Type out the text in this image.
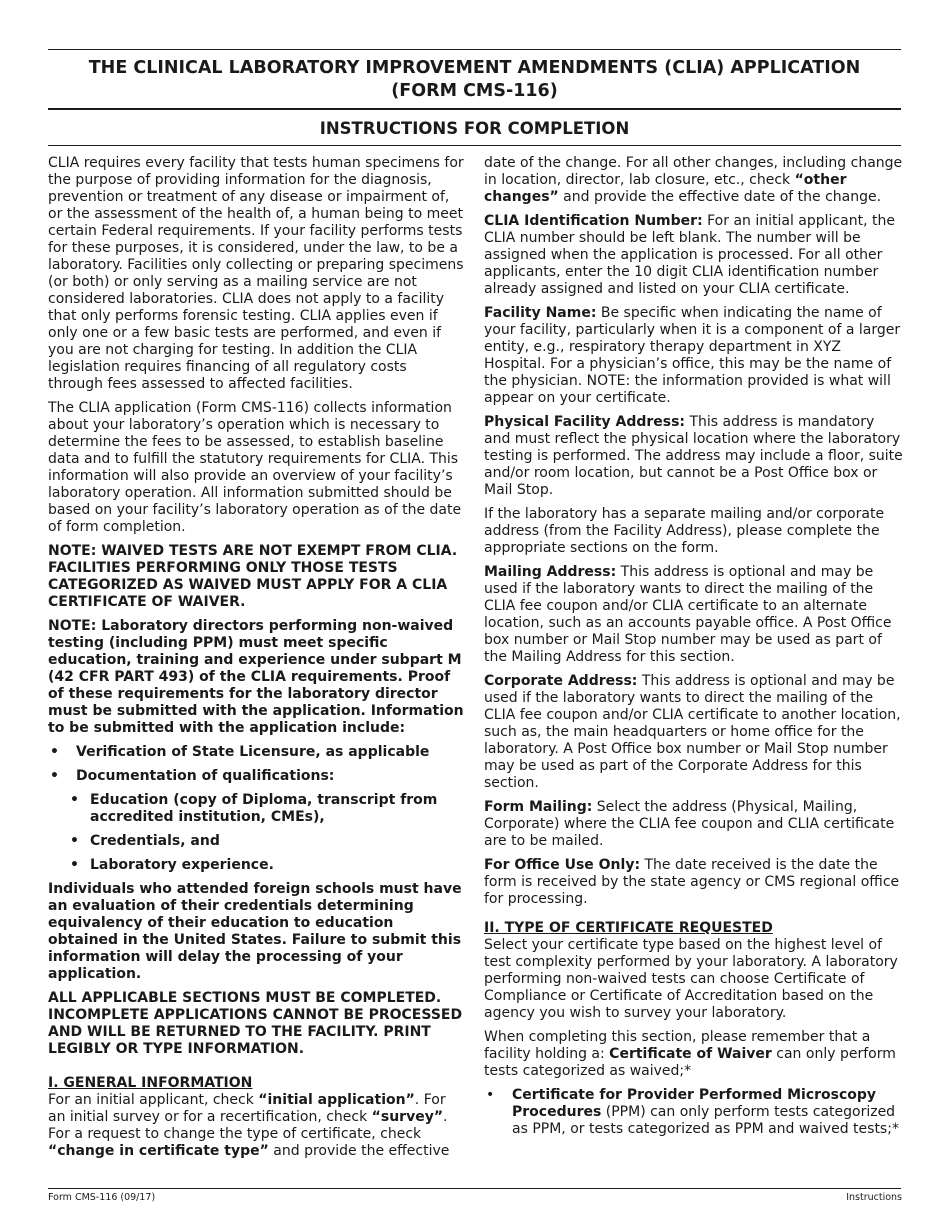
THE CLINICAL LABORATORY IMPROVEMENT AMENDMENTS (CLIA) APPLICATION
(FORM CMS-116)
INSTRUCTIONS FOR COMPLETION

CLIA requires every facility that tests human specimens for the purpose of providing information for the diagnosis, prevention or treatment of any disease or impairment of, or the assessment of the health of, a human being to meet certain Federal requirements. If your facility performs tests for these purposes, it is considered, under the law, to be a laboratory. Facilities only collecting or preparing specimens (or both) or only serving as a mailing service are not considered laboratories. CLIA does not apply to a facility that only performs forensic testing. CLIA applies even if only one or a few basic tests are performed, and even if you are not charging for testing. In addition the CLIA legislation requires financing of all regulatory costs through fees assessed to affected facilities.

The CLIA application (Form CMS-116) collects information about your laboratory’s operation which is necessary to determine the fees to be assessed, to establish baseline data and to fulfill the statutory requirements for CLIA. This information will also provide an overview of your facility’s laboratory operation. All information submitted should be based on your facility’s laboratory operation as of the date of form completion.

NOTE: WAIVED TESTS ARE NOT EXEMPT FROM CLIA. FACILITIES PERFORMING ONLY THOSE TESTS CATEGORIZED AS WAIVED MUST APPLY FOR A CLIA CERTIFICATE OF WAIVER.

NOTE: Laboratory directors performing non-waived testing (including PPM) must meet specific education, training and experience under subpart M (42 CFR PART 493) of the CLIA requirements. Proof of these requirements for the laboratory director must be submitted with the application. Information to be submitted with the application include:

• Verification of State Licensure, as applicable
• Documentation of qualifications:
• Education (copy of Diploma, transcript from accredited institution, CMEs),
• Credentials, and
• Laboratory experience.

Individuals who attended foreign schools must have an evaluation of their credentials determining equivalency of their education to education obtained in the United States. Failure to submit this information will delay the processing of your application.

ALL APPLICABLE SECTIONS MUST BE COMPLETED. INCOMPLETE APPLICATIONS CANNOT BE PROCESSED AND WILL BE RETURNED TO THE FACILITY. PRINT LEGIBLY OR TYPE INFORMATION.

I. GENERAL INFORMATION

For an initial applicant, check “initial application”. For an initial survey or for a recertification, check “survey”. For a request to change the type of certificate, check “change in certificate type” and provide the effective

date of the change. For all other changes, including change in location, director, lab closure, etc., check “other changes” and provide the effective date of the change.

CLIA Identification Number: For an initial applicant, the CLIA number should be left blank. The number will be assigned when the application is processed. For all other applicants, enter the 10 digit CLIA identification number already assigned and listed on your CLIA certificate.

Facility Name: Be specific when indicating the name of your facility, particularly when it is a component of a larger entity, e.g., respiratory therapy department in XYZ Hospital. For a physician’s office, this may be the name of the physician. NOTE: the information provided is what will appear on your certificate.

Physical Facility Address: This address is mandatory and must reflect the physical location where the laboratory testing is performed. The address may include a floor, suite and/or room location, but cannot be a Post Office box or Mail Stop.

If the laboratory has a separate mailing and/or corporate address (from the Facility Address), please complete the appropriate sections on the form.

Mailing Address: This address is optional and may be used if the laboratory wants to direct the mailing of the CLIA fee coupon and/or CLIA certificate to an alternate location, such as an accounts payable office. A Post Office box number or Mail Stop number may be used as part of the Mailing Address for this section.

Corporate Address: This address is optional and may be used if the laboratory wants to direct the mailing of the CLIA fee coupon and/or CLIA certificate to another location, such as, the main headquarters or home office for the laboratory. A Post Office box number or Mail Stop number may be used as part of the Corporate Address for this section.

Form Mailing: Select the address (Physical, Mailing, Corporate) where the CLIA fee coupon and CLIA certificate are to be mailed.

For Office Use Only: The date received is the date the form is received by the state agency or CMS regional office for processing.

II. TYPE OF CERTIFICATE REQUESTED

Select your certificate type based on the highest level of test complexity performed by your laboratory. A laboratory performing non-waived tests can choose Certificate of Compliance or Certificate of Accreditation based on the agency you wish to survey your laboratory.

When completing this section, please remember that a facility holding a: Certificate of Waiver can only perform tests categorized as waived;*

• Certificate for Provider Performed Microscopy Procedures (PPM) can only perform tests categorized as PPM, or tests categorized as PPM and waived tests;*
Form CMS-116 (09/17)	Instructions
